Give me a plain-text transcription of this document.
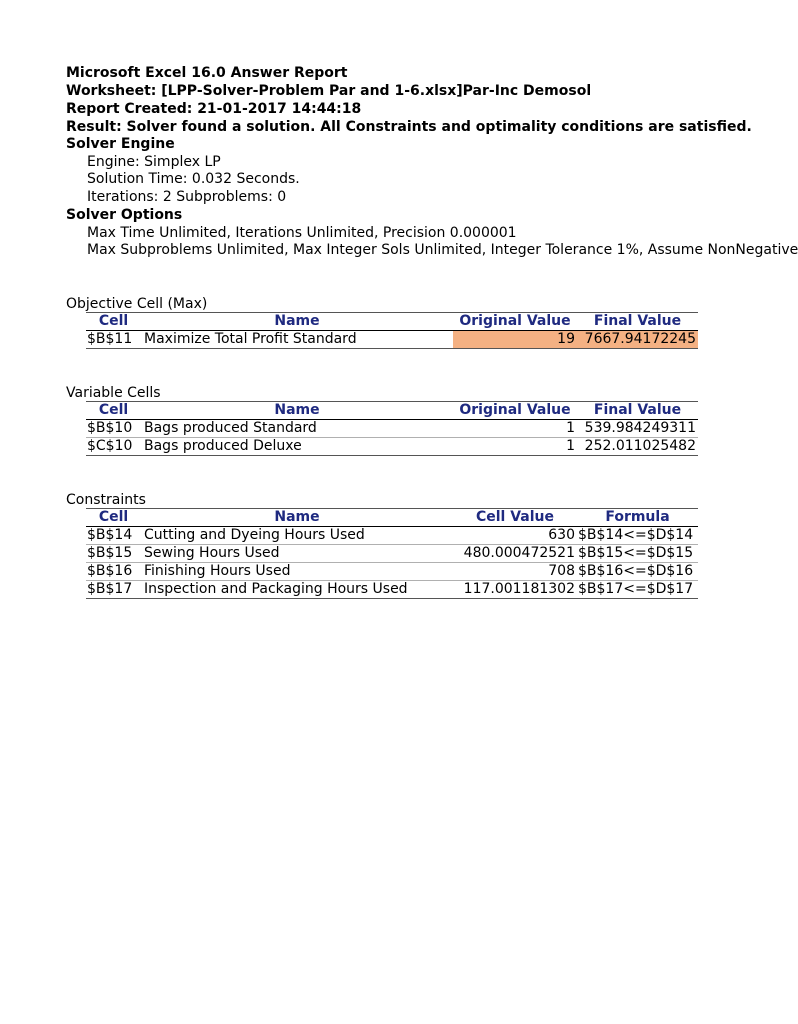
Microsoft Excel 16.0 Answer Report
Worksheet: [LPP-Solver-Problem Par and 1-6.xlsx]Par-Inc Demosol
Report Created: 21-01-2017 14:44:18
Result: Solver found a solution. All Constraints and optimality conditions are satisfied.
Solver Engine
Engine: Simplex LP
Solution Time: 0.032 Seconds.
Iterations: 2 Subproblems: 0
Solver Options
Max Time Unlimited, Iterations Unlimited, Precision 0.000001
Max Subproblems Unlimited, Max Integer Sols Unlimited, Integer Tolerance 1%, Assume NonNegative
Objective Cell (Max)
Cell	Name	Original Value	Final Value
$B$11	Maximize Total Profit Standard	19	7667.94172245
Variable Cells
Cell	Name	Original Value	Final Value
$B$10	Bags produced Standard	1	539.984249311
$C$10	Bags produced Deluxe	1	252.011025482
Constraints
Cell	Name	Cell Value	Formula
$B$14	Cutting and Dyeing Hours Used	630	$B$14<=$D$14
$B$15	Sewing Hours Used	480.000472521	$B$15<=$D$15
$B$16	Finishing Hours Used	708	$B$16<=$D$16
$B$17	Inspection and Packaging Hours Used	117.001181302	$B$17<=$D$17
